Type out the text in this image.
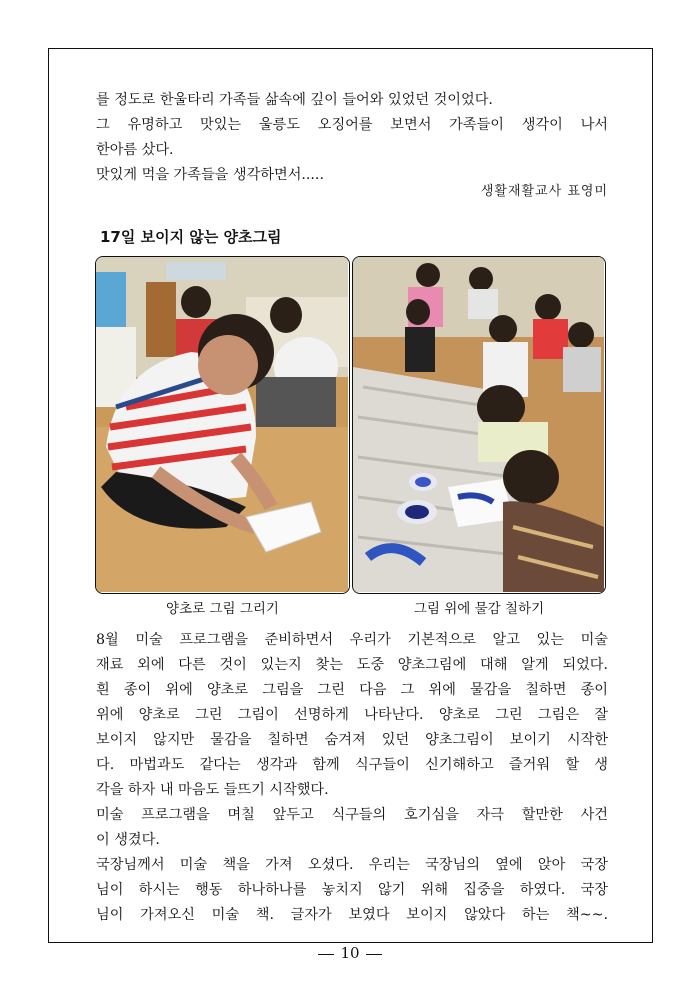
를 정도로 한울타리 가족들 삶속에 깊이 들어와 있었던 것이었다.
그 유명하고 맛있는 울릉도 오징어를 보면서 가족들이 생각이 나서
한아름 샀다.
맛있게 먹을 가족들을 생각하면서.....
생활재활교사 표영미
17일 보이지 않는 양초그림
양초로 그림 그리기	그림 위에 물감 칠하기
8월 미술 프로그램을 준비하면서 우리가 기본적으로 알고 있는 미술
재료 외에 다른 것이 있는지 찾는 도중 양초그림에 대해 알게 되었다.
흰 종이 위에 양초로 그림을 그린 다음 그 위에 물감을 칠하면 종이
위에 양초로 그린 그림이 선명하게 나타난다. 양초로 그린 그림은 잘
보이지 않지만 물감을 칠하면 숨겨져 있던 양초그림이 보이기 시작한
다. 마법과도 같다는 생각과 함께 식구들이 신기해하고 즐거워 할 생
각을 하자 내 마음도 들뜨기 시작했다.
미술 프로그램을 며칠 앞두고 식구들의 호기심을 자극 할만한 사건
이 생겼다.
국장님께서 미술 책을 가져 오셨다. 우리는 국장님의 옆에 앉아 국장
님이 하시는 행동 하나하나를 놓치지 않기 위해 집중을 하였다. 국장
님이 가져오신 미술 책. 글자가 보였다 보이지 않았다 하는 책~~.
10
